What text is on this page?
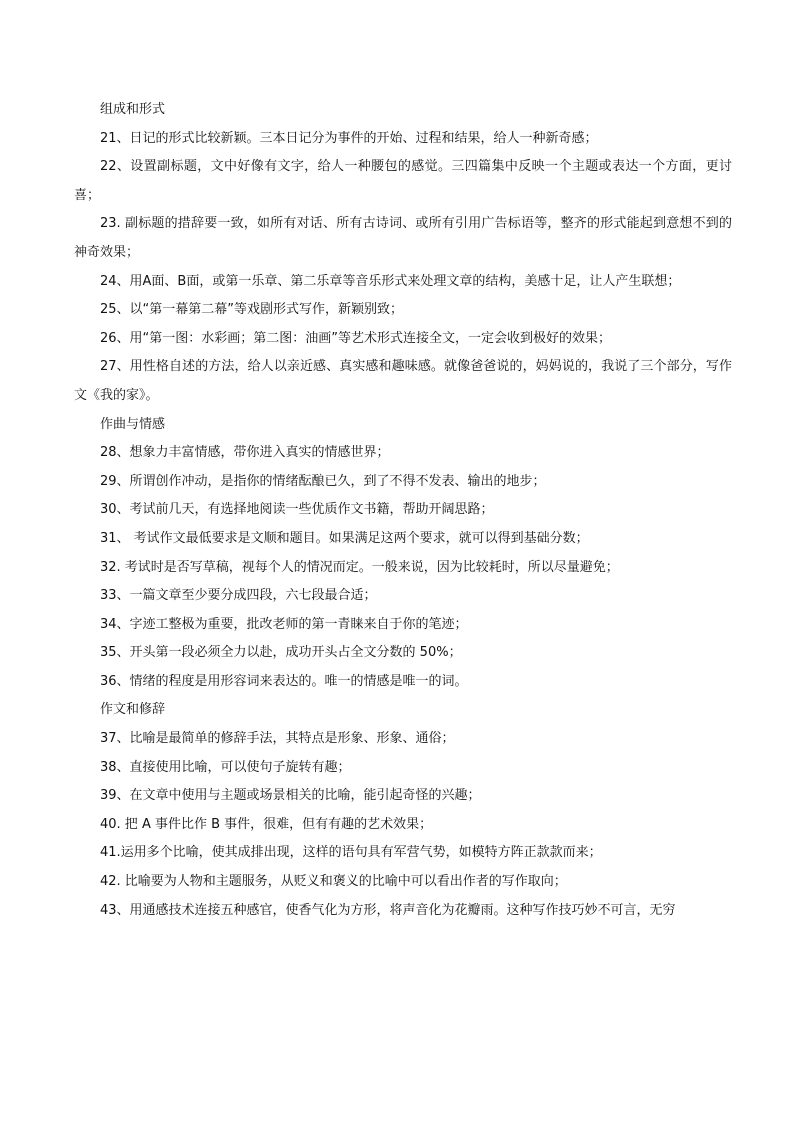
组成和形式

21、日记的形式比较新颖。三本日记分为事件的开始、过程和结果，给人一种新奇感；

22、设置副标题，文中好像有文字，给人一种腰包的感觉。三四篇集中反映一个主题或表达一个方面，更讨喜；

23. 副标题的措辞要一致，如所有对话、所有古诗词、或所有引用广告标语等，整齐的形式能起到意想不到的神奇效果；

24、用A面、B面，或第一乐章、第二乐章等音乐形式来处理文章的结构，美感十足，让人产生联想；

25、以“第一幕第二幕”等戏剧形式写作，新颖别致；

26、用“第一图：水彩画；第二图：油画”等艺术形式连接全文，一定会收到极好的效果；

27、用性格自述的方法，给人以亲近感、真实感和趣味感。就像爸爸说的，妈妈说的，我说了三个部分，写作文《我的家》。

作曲与情感

28、想象力丰富情感，带你进入真实的情感世界；

29、所谓创作冲动，是指你的情绪酝酿已久，到了不得不发表、输出的地步；

30、考试前几天，有选择地阅读一些优质作文书籍，帮助开阔思路；

31、 考试作文最低要求是文顺和题目。如果满足这两个要求，就可以得到基础分数；

32. 考试时是否写草稿，视每个人的情况而定。一般来说，因为比较耗时，所以尽量避免；

33、一篇文章至少要分成四段，六七段最合适；

34、字迹工整极为重要，批改老师的第一青睐来自于你的笔迹；

35、开头第一段必须全力以赴，成功开头占全文分数的 50%；

36、情绪的程度是用形容词来表达的。唯一的情感是唯一的词。

作文和修辞

37、比喻是最简单的修辞手法，其特点是形象、形象、通俗；

38、直接使用比喻，可以使句子旋转有趣；

39、在文章中使用与主题或场景相关的比喻，能引起奇怪的兴趣；

40. 把 A 事件比作 B 事件，很难，但有有趣的艺术效果；

41.运用多个比喻，使其成排出现，这样的语句具有军营气势，如模特方阵正款款而来；

42. 比喻要为人物和主题服务，从贬义和褒义的比喻中可以看出作者的写作取向；

43、用通感技术连接五种感官，使香气化为方形，将声音化为花瓣雨。这种写作技巧妙不可言，无穷
